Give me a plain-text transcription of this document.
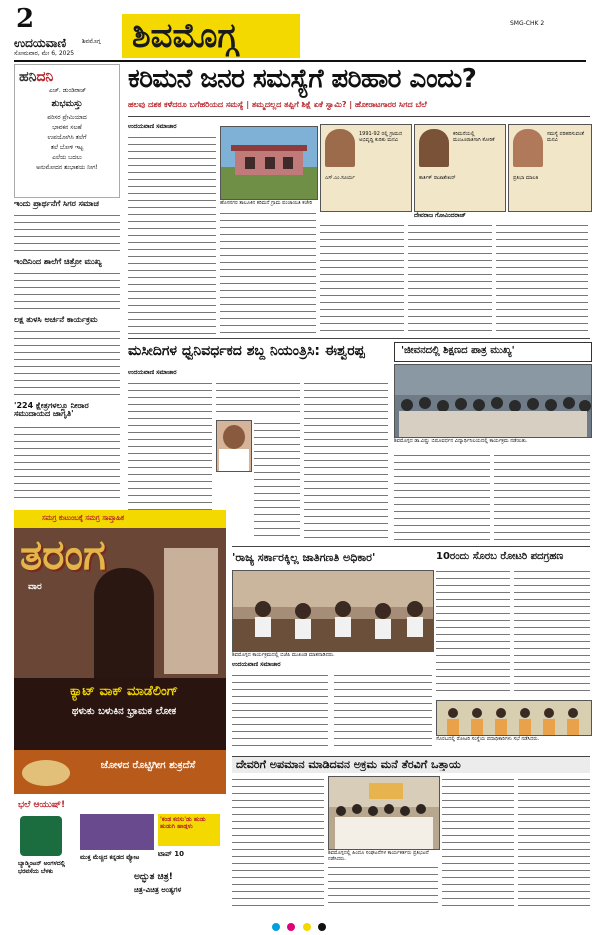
2
ಉದಯವಾಣಿ	ಶಿವಮೊಗ್ಗ
ಸೋಮವಾರ, ಮೇ 6, 2025 ಶಿವಮೊಗ್ಗ	SMG-CHK 2
ಹನಿದನಿ
ಎಚ್. ಡುಂಡಿರಾಜ್
ಶುಭಮಸ್ತು
ಪರಿಸರ ಪ್ರೇಮಿಯಾದ
ಭಾವಕನ ಸಲಹೆ
ಉಪಯೋಗಿಸಿ ತಲೆಗೆ
ತಲೆ ಬೋಳಿ ಇಟ್ಟ
ಎಲೆಯ ಬದಲು
ಅನುಮೋದನ ಶುಭಾಶಯ ನೀಗ!
ಇಂದು ಪ್ರಾರ್ಥನೆಗೆ ಸಿಗರ ಸಮಾಚ
ಇಂದಿನಿಂದ ಶಾಲೆಗೆ ಚಿತ್ರೋ ಮುಖ್ಯ
ಲಕ್ಷ ತುಳಸಿ ಅರ್ಚನೆ ಕಾರ್ಯಕ್ರಮ
'224 ಕ್ಷೇತ್ರಗಳಲ್ಲೂ ನೀರಾರ ಸಮುದಾಯದ ಜಾಗೃತಿ'
ಕರಿಮನೆ ಜನರ ಸಮಸ್ಯೆಗೆ ಪರಿಹಾರ ಎಂದು?
ಹಲವು ದಶಕ ಕಳೆದರೂ ಬಗೆಹರಿಯದ ಸಮಸ್ಯೆ | ತಮ್ಮದಲ್ಲದ ತಪ್ಪಿಗೆ ಶಿಕ್ಷೆ ಏಕೆ ಸ್ವಾಮಿ? | ಹೋರಾಟಗಾರರ ಸಿಗದ ಬೆಲೆ
ಉದಯವಾಣಿ ಸಮಾಚಾರ
ಹೊಸನಗರ ತಾಲೂಕಿನ ಕರಿಮನೆ ಗ್ರಾಮ ಪಂಚಾಯಿತಿ ಕಚೇರಿ
1991-92 ರಲ್ಲಿ ಗ್ರಾಮದ ಅಭಿವೃದ್ಧಿ ಕುರಿತು ಮನವಿ
ಎಸ್.ಎಂ.ಸೂರ್ಯ
ಕರಿಮನೆಯಲ್ಲಿ ಮಂಜೂರಾತಿಗಾಗಿ ಕೋರಿಕೆ
ಕಾರ್ತಿಕ್ ರಾಜಾಶೇಖರ್
ಸಮಸ್ಯೆ ಪರಿಹರಿಸುವಂತೆ ಮನವಿ
ಪ್ರತಿಭಾ ಮಾಲತಿ
ದೇವರಾಜ ಗೋವಿಂದರಾಜ್
ಮಸೀದಿಗಳ ಧ್ವನಿವರ್ಧಕದ ಶಬ್ದ ನಿಯಂತ್ರಿಸಿ: ಈಶ್ವರಪ್ಪ
ಉದಯವಾಣಿ ಸಮಾಚಾರ
'ಜೀವನದಲ್ಲಿ ಶಿಕ್ಷಣದ ಪಾತ್ರ ಮುಖ್ಯ'
ಶಿವಮೊಗ್ಗದ ಡಾ.ವಿಷ್ಣು ಬಿಷೂವರ್ಧನ ವಿದ್ಯಾರ್ಥಿನಿಲಯದಲ್ಲಿ ಕಾರ್ಯಕ್ರಮ ನಡೆಯಿತು.
'ರಾಜ್ಯ ಸರ್ಕಾರಕ್ಕಿಲ್ಲ ಜಾತಿಗಣತಿ ಅಧಿಕಾರ'
ಶಿವಮೊಗ್ಗದ ಕಾರ್ಯಕ್ರಮದಲ್ಲಿ ಬಿಜೆಪಿ ಮುಖಂಡ ಮಾತನಾಡಿದರು.
ಉದಯವಾಣಿ ಸಮಾಚಾರ
10ರಂದು ಸೊರಬ ರೋಟರಿ ಪದಗ್ರಹಣ
ಸೊರಬದಲ್ಲಿ ರೋಟರಿ ಸಂಸ್ಥೆಯ ಪದಾಧಿಕಾರಿಗಳು ಸಭೆ ನಡೆಸಿದರು.
ದೇವರಿಗೆ ಅಪಮಾನ ಮಾಡಿದವನ ಅಕ್ರಮ ಮನೆ ತೆರವಿಗೆ ಒತ್ತಾಯ
ಶಿವಮೊಗ್ಗದಲ್ಲಿ ಹಿಂದೂ ಸಂಘಟನೆಗಳ ಕಾರ್ಯಕರ್ತರು ಪ್ರತಿಭಟನೆ ನಡೆಸಿದರು.
ಸಮಗ್ರ ಕುಟುಂಬಕ್ಕೆ ಸಮಗ್ರ ಸಾಪ್ತಾಹಿಕ
ತರಂಗ
ವಾರ
ಕ್ಯಾಟ್ ವಾಕ್ ಮಾಡೆಲಿಂಗ್
ಥಳುಕು ಬಳುಕಿನ ಭ್ರಾಮಕ ಲೋಕ
ಜೋಳದ ರೊಟ್ಟಿಗೀಗ ಶುಕ್ರದೆಸೆ
ಭಲೆ ಆಯುಷ್!
ಬ್ಯಾಡ್ಮಿಂಟನ್ ಅಂಗಳದಲ್ಲಿ ಭರವಸೆಯ ಬೆಳಕು
ಮುಕ್ತ ಮೆಚ್ಚಿದ ಕನ್ನಡದ ಪ್ಯೋಟ
'ಕಂಡ ಕನಸು'ಡು ಹುಡು ಹುಡುಗಿ ಹಾಡ್ಗಳು
ಟಾಪ್ 10
ಅದ್ಭುತ ಚಿತ್ರ!
ಚಿತ್ರ-ವಿಚಿತ್ರ ಅಂತ್ಯಗಳ
